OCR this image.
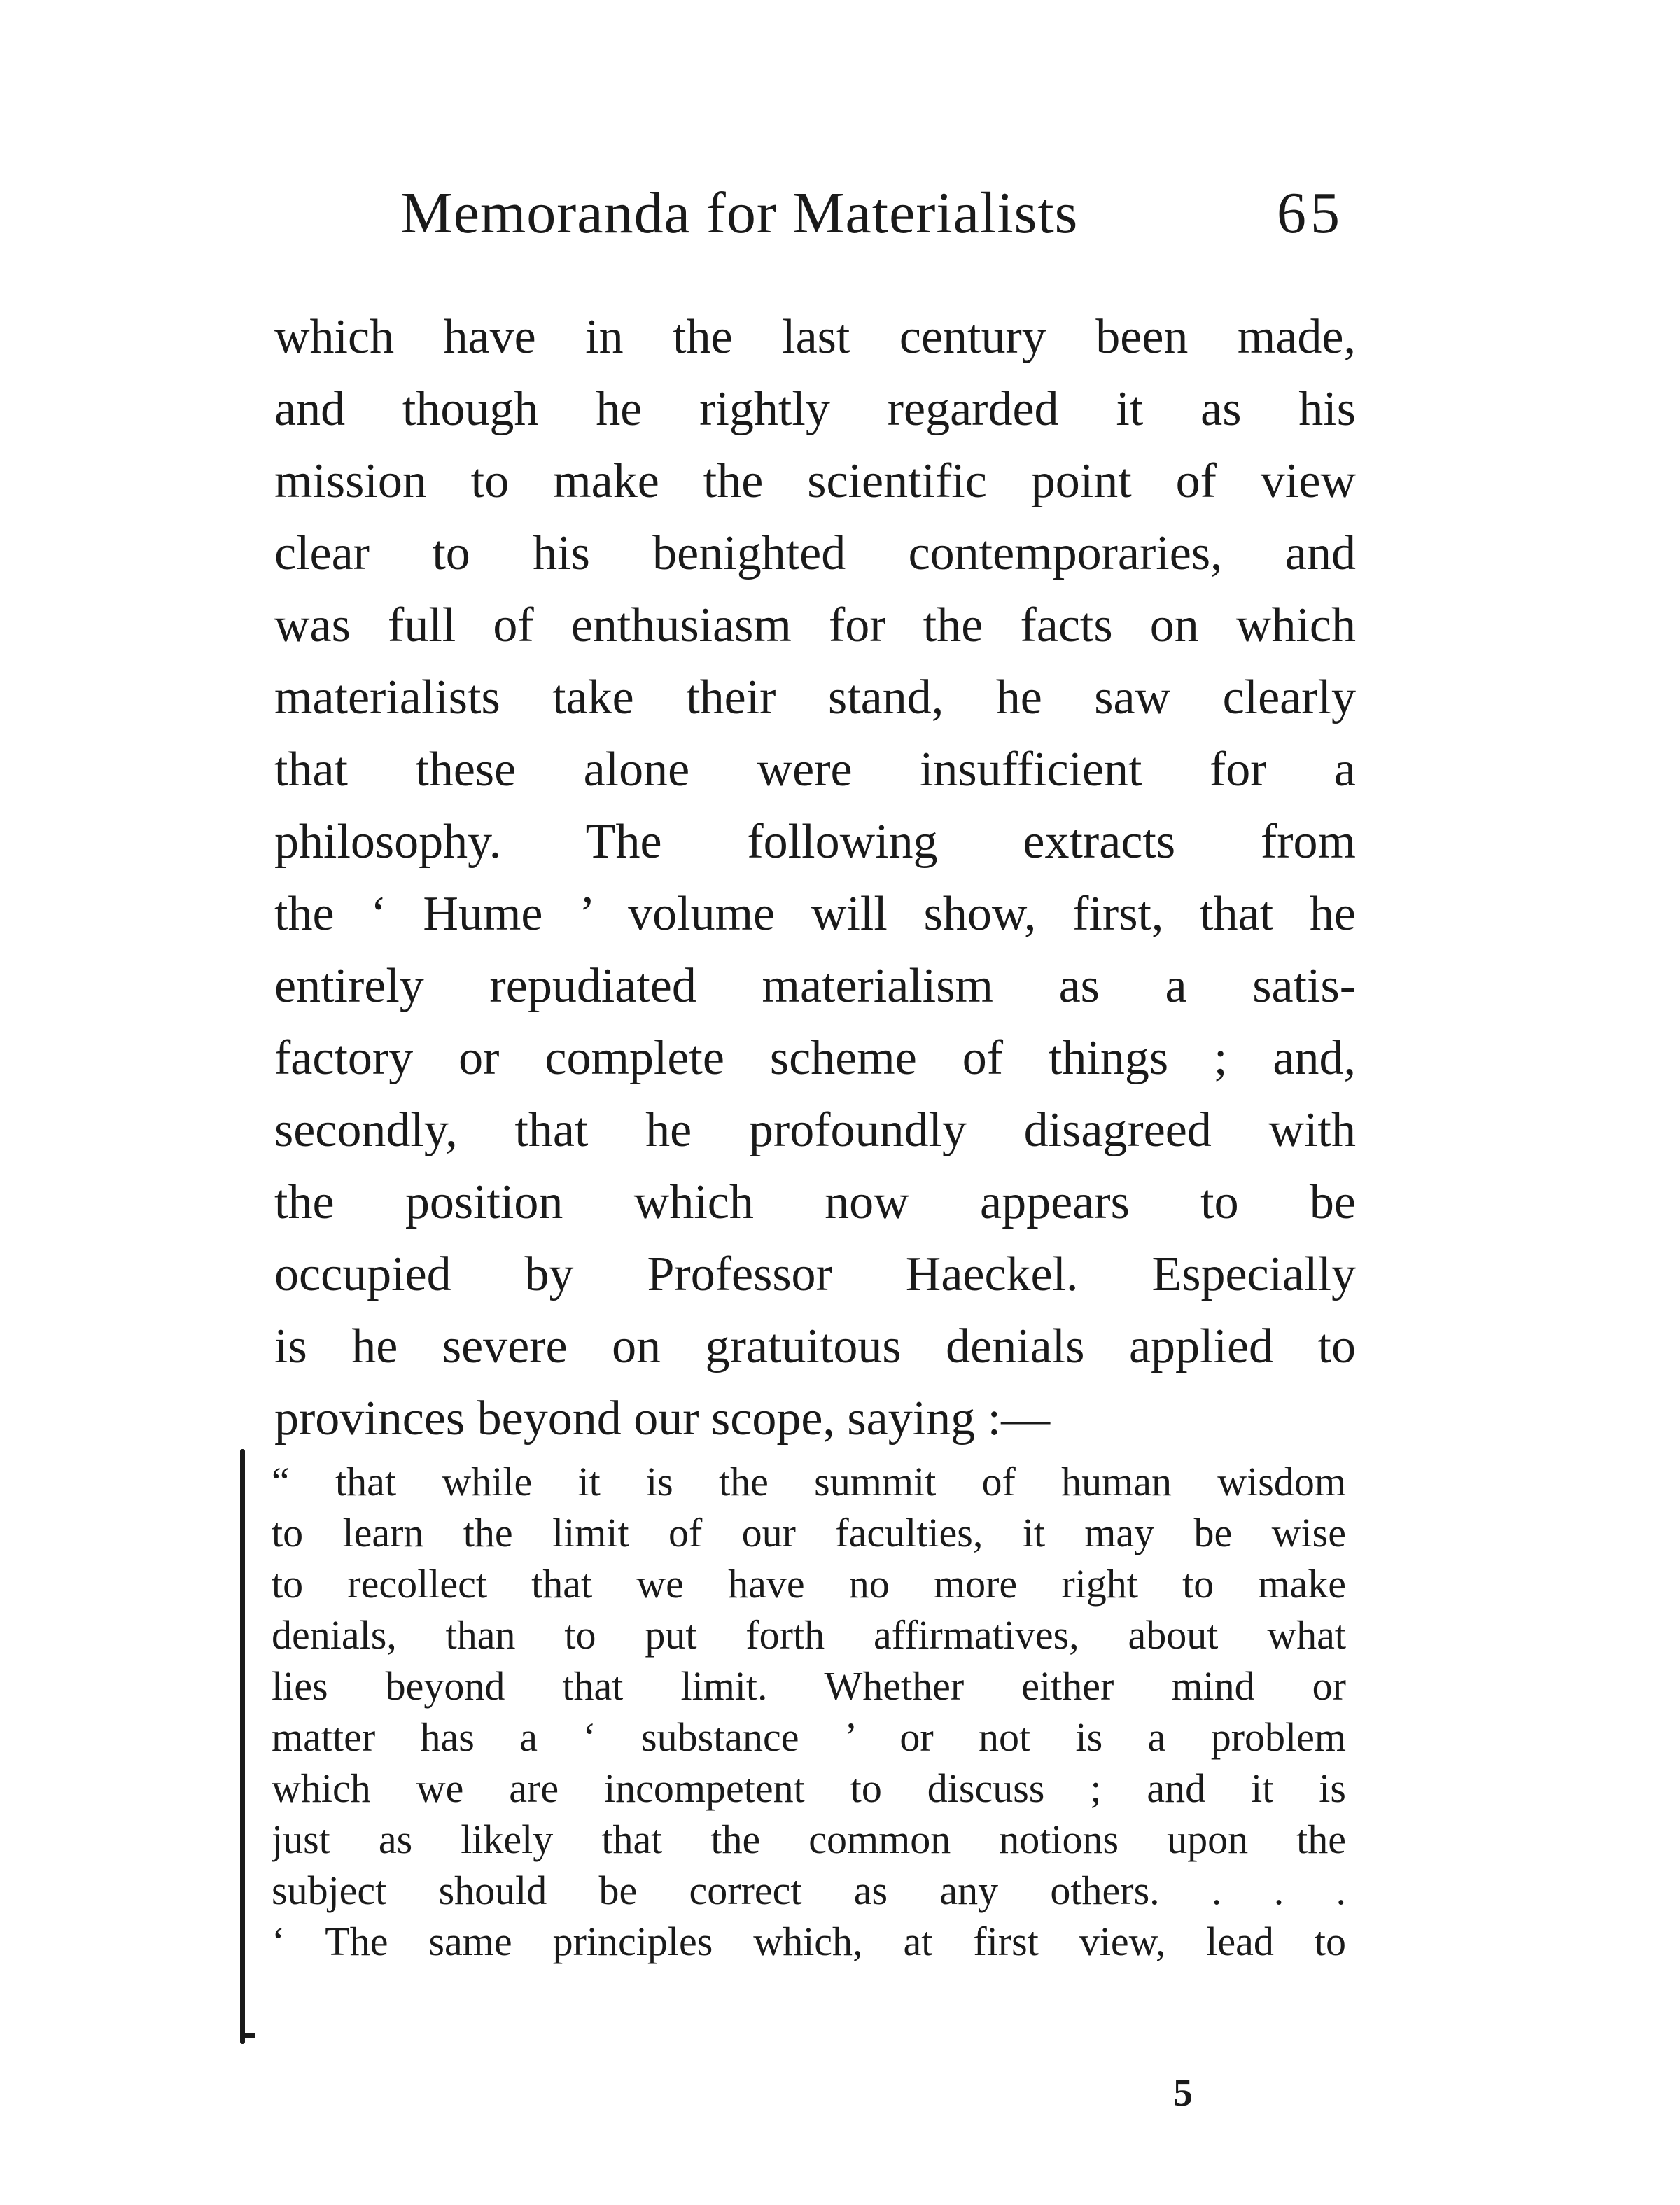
Memoranda for Materialists	65
which have in the last century been made,
and though he rightly regarded it as his
mission to make the scientific point of view
clear to his benighted contemporaries, and
was full of enthusiasm for the facts on which
materialists take their stand, he saw clearly
that these alone were insufficient for a
philosophy. The following extracts from
the ‘ Hume ’ volume will show, first, that he
entirely repudiated materialism as a satis-
factory or complete scheme of things ; and,
secondly, that he profoundly disagreed with
the position which now appears to be
occupied by Professor Haeckel. Especially
is he severe on gratuitous denials applied to
provinces beyond our scope, saying :—
“ that while it is the summit of human wisdom
to learn the limit of our faculties, it may be wise
to recollect that we have no more right to make
denials, than to put forth affirmatives, about what
lies beyond that limit. Whether either mind or
matter has a ‘ substance ’ or not is a problem
which we are incompetent to discuss ; and it is
just as likely that the common notions upon the
subject should be correct as any others. . . .
‘ The same principles which, at first view, lead to
5
